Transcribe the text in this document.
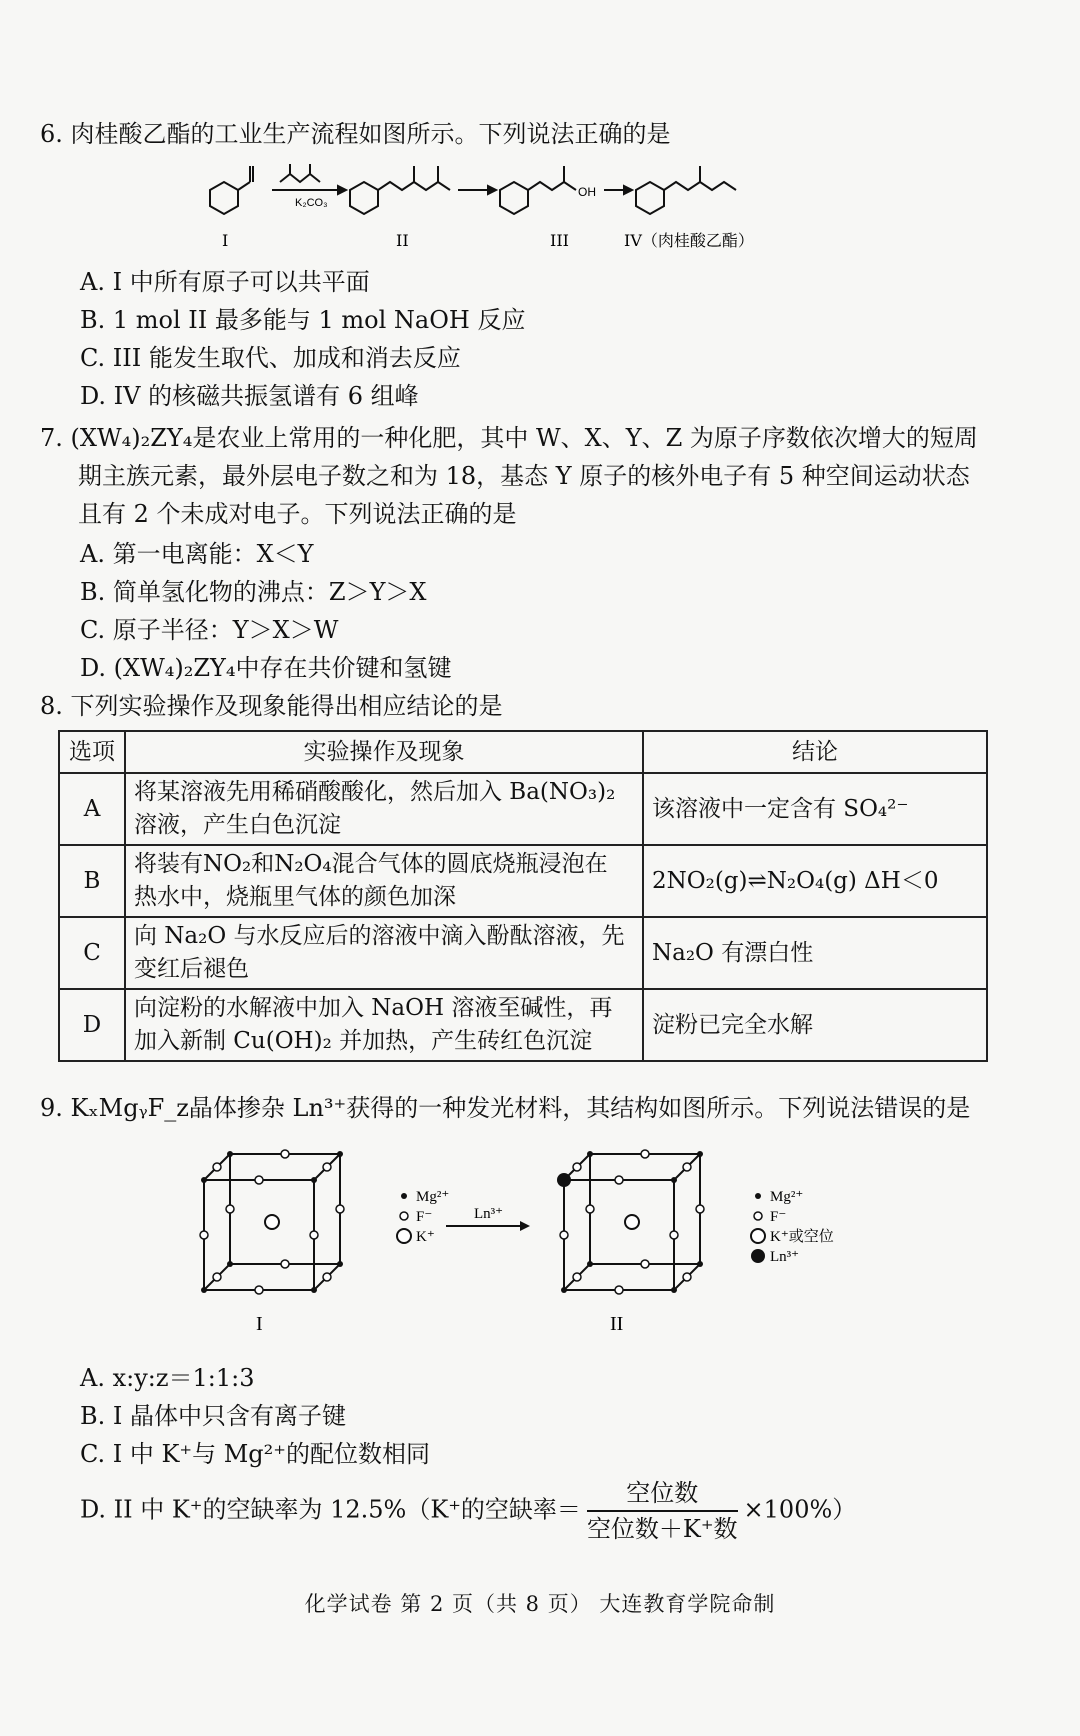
6. 肉桂酸乙酯的工业生产流程如图所示。下列说法正确的是
K₂CO₃
OH
I	II	III	IV（肉桂酸乙酯）
A. I 中所有原子可以共平面
B. 1 mol II 最多能与 1 mol NaOH 反应
C. III 能发生取代、加成和消去反应
D. IV 的核磁共振氢谱有 6 组峰
7. (XW₄)₂ZY₄是农业上常用的一种化肥，其中 W、X、Y、Z 为原子序数依次增大的短周
期主族元素，最外层电子数之和为 18，基态 Y 原子的核外电子有 5 种空间运动状态
且有 2 个未成对电子。下列说法正确的是
A. 第一电离能：X＜Y
B. 简单氢化物的沸点：Z＞Y＞X
C. 原子半径：Y＞X＞W
D. (XW₄)₂ZY₄中存在共价键和氢键
8. 下列实验操作及现象能得出相应结论的是
选项	实验操作及现象	结论
A	将某溶液先用稀硝酸酸化，然后加入 Ba(NO₃)₂
溶液，产生白色沉淀	该溶液中一定含有 SO₄²⁻
B	将装有NO₂和N₂O₄混合气体的圆底烧瓶浸泡在
热水中，烧瓶里气体的颜色加深	2NO₂(g)⇌N₂O₄(g) ΔH＜0
C	向 Na₂O 与水反应后的溶液中滴入酚酞溶液，先
变红后褪色	Na₂O 有漂白性
D	向淀粉的水解液中加入 NaOH 溶液至碱性，再
加入新制 Cu(OH)₂ 并加热，产生砖红色沉淀	淀粉已完全水解
9. KₓMgᵧF_z晶体掺杂 Ln³⁺获得的一种发光材料，其结构如图所示。下列说法错误的是
Mg²⁺
F⁻
K⁺
Ln³⁺
Mg²⁺
F⁻
K⁺或空位
Ln³⁺
I	II
A. x:y:z＝1:1:3
B. I 晶体中只含有离子键
C. I 中 K⁺与 Mg²⁺的配位数相同
D. II 中 K⁺的空缺率为 12.5%（K⁺的空缺率＝ $\frac{\text{空位数}}{\text{空位数＋K⁺数}} \times 100\%$）
化学试卷 第 2 页（共 8 页） 大连教育学院命制
